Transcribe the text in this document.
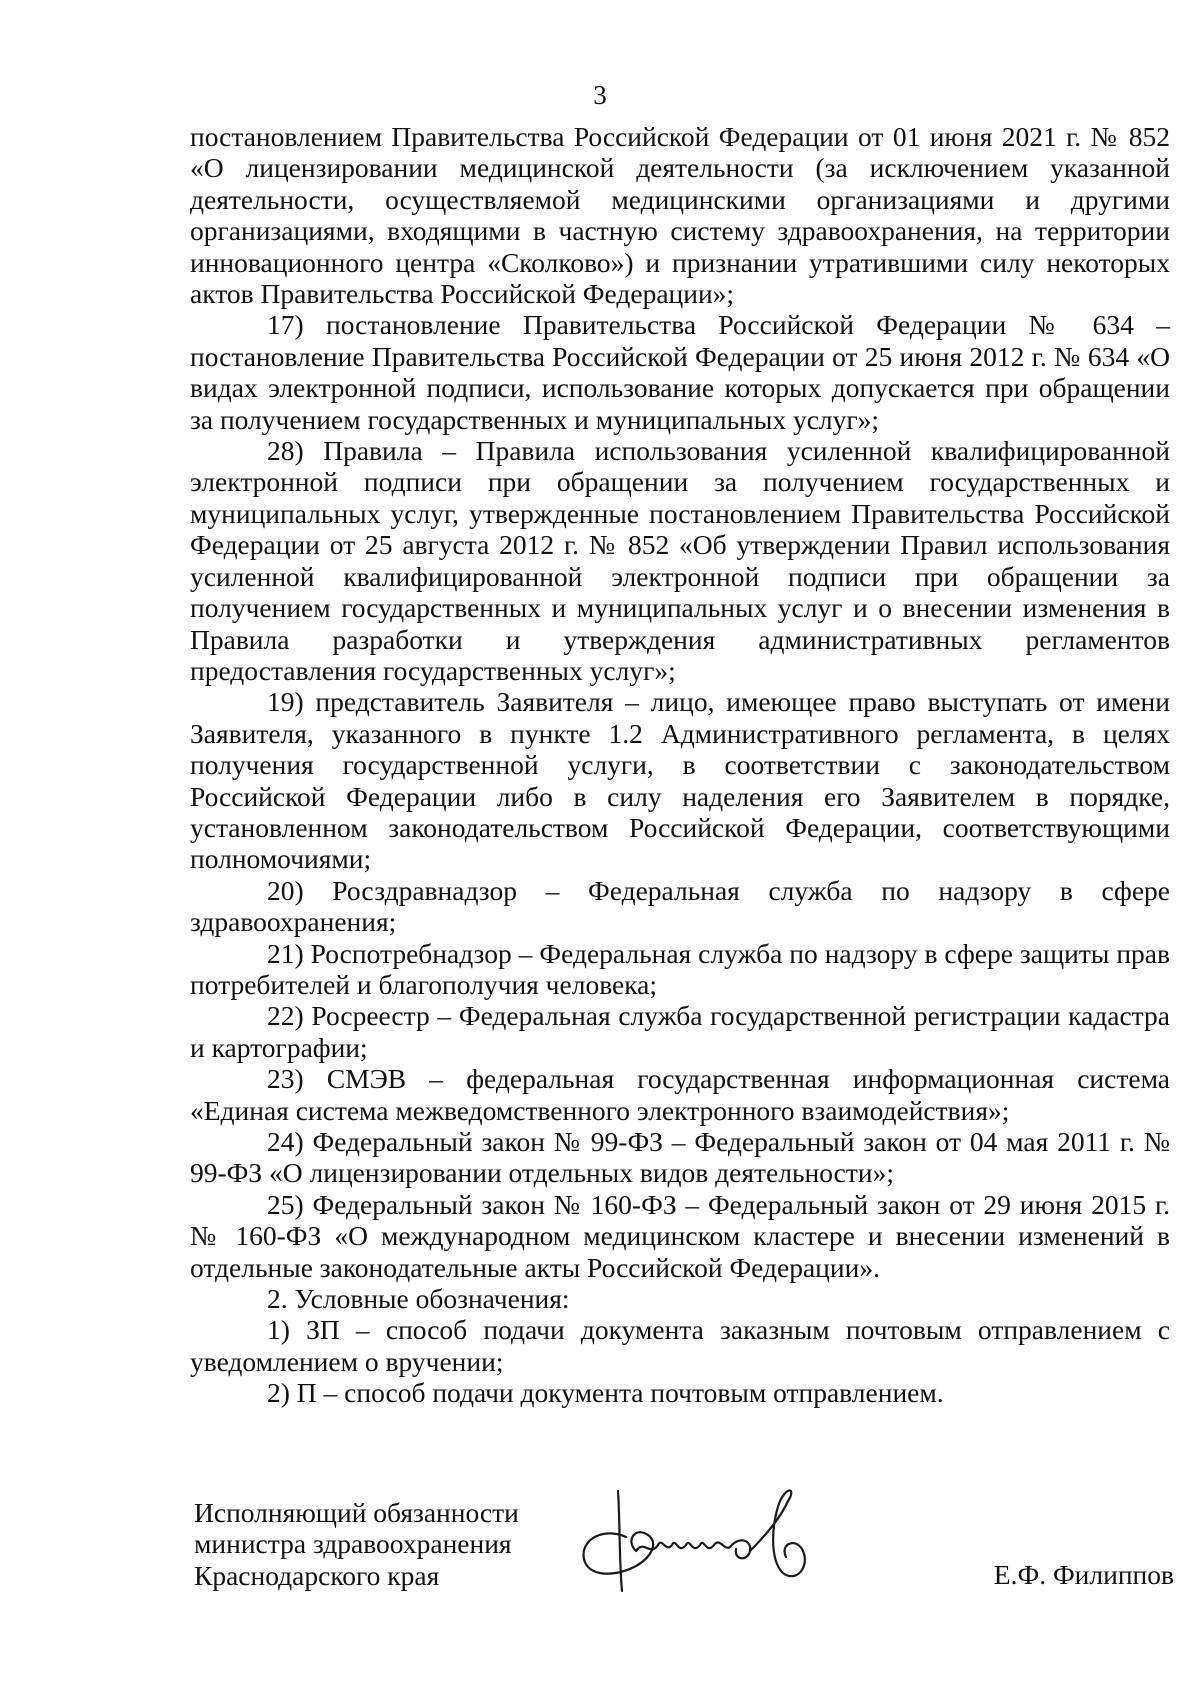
3

постановлением Правительства Российской Федерации от 01 июня 2021 г. № 852 «О лицензировании медицинской деятельности (за исключением указанной деятельности, осуществляемой медицинскими организациями и другими организациями, входящими в частную систему здравоохранения, на территории инновационного центра «Сколково») и признании утратившими силу некоторых актов Правительства Российской Федерации»;

17) постановление Правительства Российской Федерации № 634 – постановление Правительства Российской Федерации от 25 июня 2012 г. № 634 «О видах электронной подписи, использование которых допускается при обращении за получением государственных и муниципальных услуг»;

28) Правила – Правила использования усиленной квалифицированной электронной подписи при обращении за получением государственных и муниципальных услуг, утвержденные постановлением Правительства Российской Федерации от 25 августа 2012 г. № 852 «Об утверждении Правил использования усиленной квалифицированной электронной подписи при обращении за получением государственных и муниципальных услуг и о внесении изменения в Правила разработки и утверждения административных регламентов предоставления государственных услуг»;

19) представитель Заявителя – лицо, имеющее право выступать от имени Заявителя, указанного в пункте 1.2 Административного регламента, в целях получения государственной услуги, в соответствии с законодательством Российской Федерации либо в силу наделения его Заявителем в порядке, установленном законодательством Российской Федерации, соответствующими полномочиями;

20) Росздравнадзор – Федеральная служба по надзору в сфере здравоохранения;

21) Роспотребнадзор – Федеральная служба по надзору в сфере защиты прав потребителей и благополучия человека;

22) Росреестр – Федеральная служба государственной регистрации кадастра и картографии;

23) СМЭВ – федеральная государственная информационная система «Единая система межведомственного электронного взаимодействия»;

24) Федеральный закон № 99-ФЗ – Федеральный закон от 04 мая 2011 г. № 99-ФЗ «О лицензировании отдельных видов деятельности»;

25) Федеральный закон № 160-ФЗ – Федеральный закон от 29 июня 2015 г. № 160-ФЗ «О международном медицинском кластере и внесении изменений в отдельные законодательные акты Российской Федерации».

2. Условные обозначения:

1) ЗП – способ подачи документа заказным почтовым отправлением с уведомлением о вручении;

2) П – способ подачи документа почтовым отправлением.

Исполняющий обязанности
министра здравоохранения
Краснодарского края	Е.Ф. Филиппов
